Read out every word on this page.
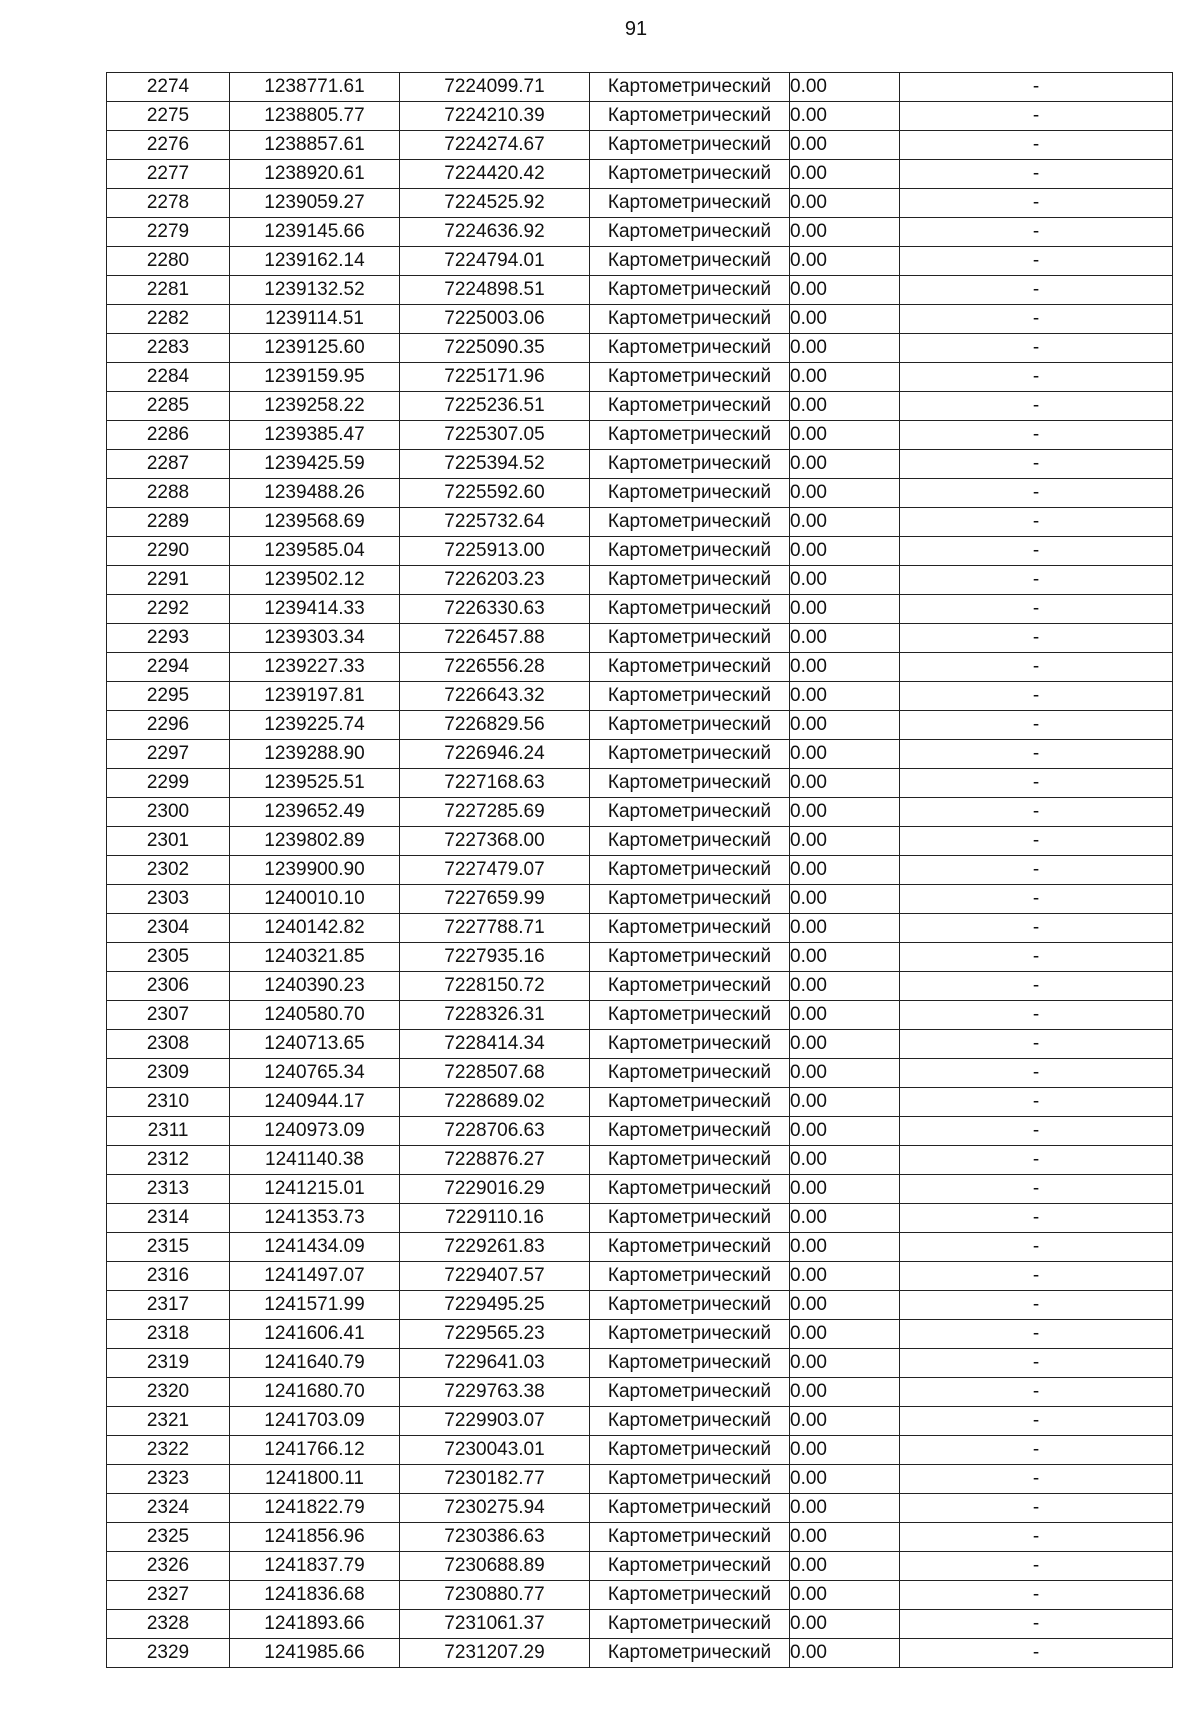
91
2274	1238771.61	7224099.71	Картометрический	0.00	-
2275	1238805.77	7224210.39	Картометрический	0.00	-
2276	1238857.61	7224274.67	Картометрический	0.00	-
2277	1238920.61	7224420.42	Картометрический	0.00	-
2278	1239059.27	7224525.92	Картометрический	0.00	-
2279	1239145.66	7224636.92	Картометрический	0.00	-
2280	1239162.14	7224794.01	Картометрический	0.00	-
2281	1239132.52	7224898.51	Картометрический	0.00	-
2282	1239114.51	7225003.06	Картометрический	0.00	-
2283	1239125.60	7225090.35	Картометрический	0.00	-
2284	1239159.95	7225171.96	Картометрический	0.00	-
2285	1239258.22	7225236.51	Картометрический	0.00	-
2286	1239385.47	7225307.05	Картометрический	0.00	-
2287	1239425.59	7225394.52	Картометрический	0.00	-
2288	1239488.26	7225592.60	Картометрический	0.00	-
2289	1239568.69	7225732.64	Картометрический	0.00	-
2290	1239585.04	7225913.00	Картометрический	0.00	-
2291	1239502.12	7226203.23	Картометрический	0.00	-
2292	1239414.33	7226330.63	Картометрический	0.00	-
2293	1239303.34	7226457.88	Картометрический	0.00	-
2294	1239227.33	7226556.28	Картометрический	0.00	-
2295	1239197.81	7226643.32	Картометрический	0.00	-
2296	1239225.74	7226829.56	Картометрический	0.00	-
2297	1239288.90	7226946.24	Картометрический	0.00	-
2299	1239525.51	7227168.63	Картометрический	0.00	-
2300	1239652.49	7227285.69	Картометрический	0.00	-
2301	1239802.89	7227368.00	Картометрический	0.00	-
2302	1239900.90	7227479.07	Картометрический	0.00	-
2303	1240010.10	7227659.99	Картометрический	0.00	-
2304	1240142.82	7227788.71	Картометрический	0.00	-
2305	1240321.85	7227935.16	Картометрический	0.00	-
2306	1240390.23	7228150.72	Картометрический	0.00	-
2307	1240580.70	7228326.31	Картометрический	0.00	-
2308	1240713.65	7228414.34	Картометрический	0.00	-
2309	1240765.34	7228507.68	Картометрический	0.00	-
2310	1240944.17	7228689.02	Картометрический	0.00	-
2311	1240973.09	7228706.63	Картометрический	0.00	-
2312	1241140.38	7228876.27	Картометрический	0.00	-
2313	1241215.01	7229016.29	Картометрический	0.00	-
2314	1241353.73	7229110.16	Картометрический	0.00	-
2315	1241434.09	7229261.83	Картометрический	0.00	-
2316	1241497.07	7229407.57	Картометрический	0.00	-
2317	1241571.99	7229495.25	Картометрический	0.00	-
2318	1241606.41	7229565.23	Картометрический	0.00	-
2319	1241640.79	7229641.03	Картометрический	0.00	-
2320	1241680.70	7229763.38	Картометрический	0.00	-
2321	1241703.09	7229903.07	Картометрический	0.00	-
2322	1241766.12	7230043.01	Картометрический	0.00	-
2323	1241800.11	7230182.77	Картометрический	0.00	-
2324	1241822.79	7230275.94	Картометрический	0.00	-
2325	1241856.96	7230386.63	Картометрический	0.00	-
2326	1241837.79	7230688.89	Картометрический	0.00	-
2327	1241836.68	7230880.77	Картометрический	0.00	-
2328	1241893.66	7231061.37	Картометрический	0.00	-
2329	1241985.66	7231207.29	Картометрический	0.00	-
